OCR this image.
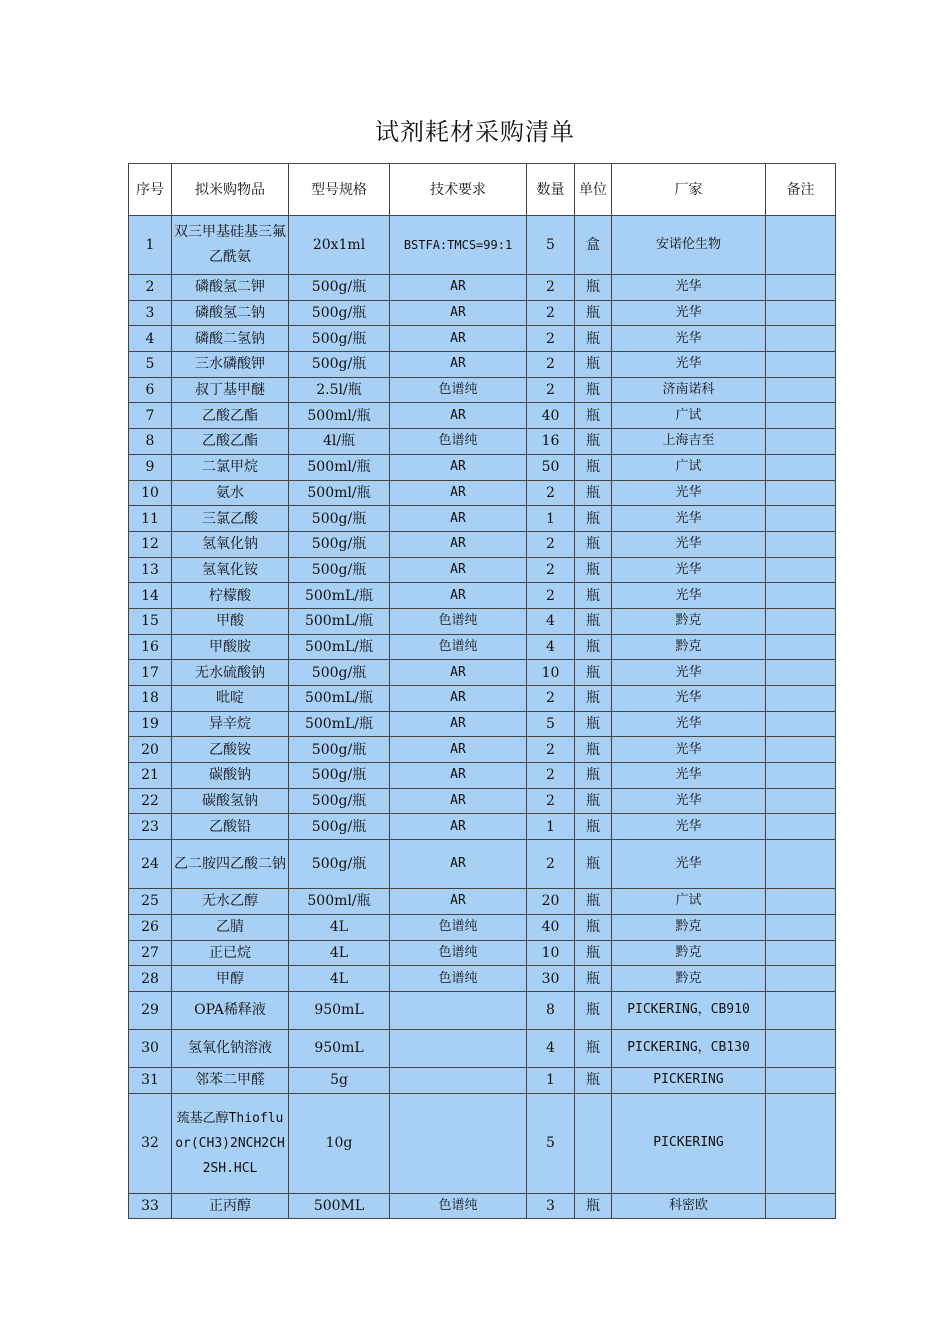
试剂耗材采购清单
序号	拟米购物品	型号规格	技术要求	数量	单位	厂家	备注
1	双三甲基硅基三氟乙酰氨	20x1ml	BSTFA:TMCS=99:1	5	盒	安诺伦生物	
2	磷酸氢二钾	500g/瓶	AR	2	瓶	光华	
3	磷酸氢二钠	500g/瓶	AR	2	瓶	光华	
4	磷酸二氢钠	500g/瓶	AR	2	瓶	光华	
5	三水磷酸钾	500g/瓶	AR	2	瓶	光华	
6	叔丁基甲醚	2.5l/瓶	色谱纯	2	瓶	济南诺科	
7	乙酸乙酯	500ml/瓶	AR	40	瓶	广试	
8	乙酸乙酯	4l/瓶	色谱纯	16	瓶	上海吉至	
9	二氯甲烷	500ml/瓶	AR	50	瓶	广试	
10	氨水	500ml/瓶	AR	2	瓶	光华	
11	三氯乙酸	500g/瓶	AR	1	瓶	光华	
12	氢氧化钠	500g/瓶	AR	2	瓶	光华	
13	氢氧化铵	500g/瓶	AR	2	瓶	光华	
14	柠檬酸	500mL/瓶	AR	2	瓶	光华	
15	甲酸	500mL/瓶	色谱纯	4	瓶	黔克	
16	甲酸胺	500mL/瓶	色谱纯	4	瓶	黔克	
17	无水硫酸钠	500g/瓶	AR	10	瓶	光华	
18	吡啶	500mL/瓶	AR	2	瓶	光华	
19	异辛烷	500mL/瓶	AR	5	瓶	光华	
20	乙酸铵	500g/瓶	AR	2	瓶	光华	
21	碳酸钠	500g/瓶	AR	2	瓶	光华	
22	碳酸氢钠	500g/瓶	AR	2	瓶	光华	
23	乙酸铅	500g/瓶	AR	1	瓶	光华	
24	乙二胺四乙酸二钠	500g/瓶	AR	2	瓶	光华	
25	无水乙醇	500ml/瓶	AR	20	瓶	广试	
26	乙腈	4L	色谱纯	40	瓶	黔克	
27	正已烷	4L	色谱纯	10	瓶	黔克	
28	甲醇	4L	色谱纯	30	瓶	黔克	
29	OPA稀释液	950mL		8	瓶	PICKERING，CB910	
30	氢氧化钠溶液	950mL		4	瓶	PICKERING，CB130	
31	邻苯二甲醛	5g		1	瓶	PICKERING	
32	巯基乙醇Thiofluor(CH3)2NCH2CH2SH.HCL	10g		5		PICKERING	
33	正丙醇	500ML	色谱纯	3	瓶	科密欧	
